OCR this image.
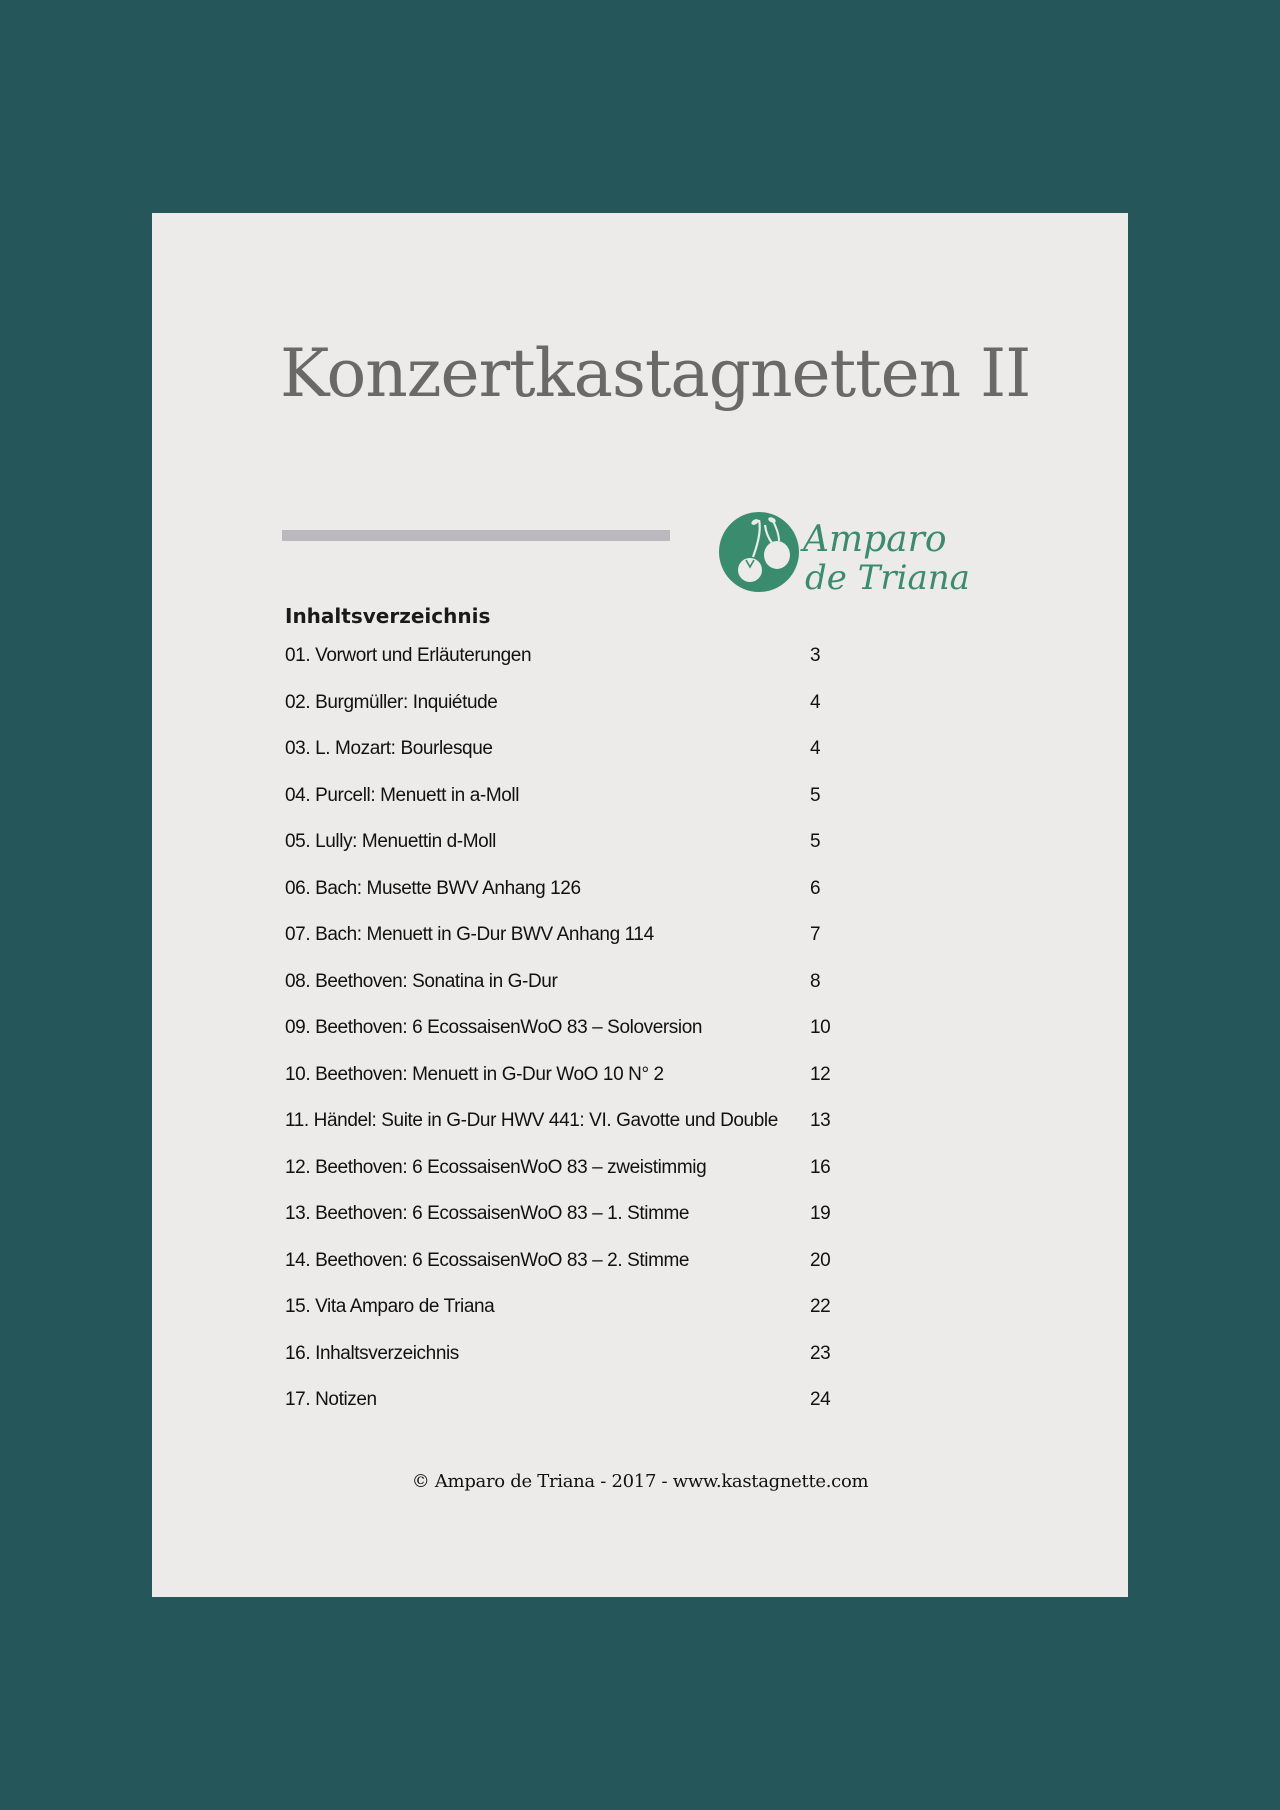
Konzertkastagnetten II
Amparo
de Triana
Inhaltsverzeichnis
01. Vorwort und Erläuterungen	3
02. Burgmüller: Inquiétude	4
03. L. Mozart: Bourlesque	4
04. Purcell: Menuett in a-Moll	5
05. Lully: Menuettin d-Moll	5
06. Bach: Musette BWV Anhang 126	6
07. Bach: Menuett in G-Dur BWV Anhang 114	7
08. Beethoven: Sonatina in G-Dur	8
09. Beethoven: 6 EcossaisenWoO 83 – Soloversion	10
10. Beethoven: Menuett in G-Dur WoO 10 N° 2	12
11. Händel: Suite in G-Dur HWV 441: VI. Gavotte und Double 13
12. Beethoven: 6 EcossaisenWoO 83 – zweistimmig	16
13. Beethoven: 6 EcossaisenWoO 83 – 1. Stimme	19
14. Beethoven: 6 EcossaisenWoO 83 – 2. Stimme	20
15. Vita Amparo de Triana	22
16. Inhaltsverzeichnis	23
17. Notizen	24

© Amparo de Triana - 2017 - www.kastagnette.com
